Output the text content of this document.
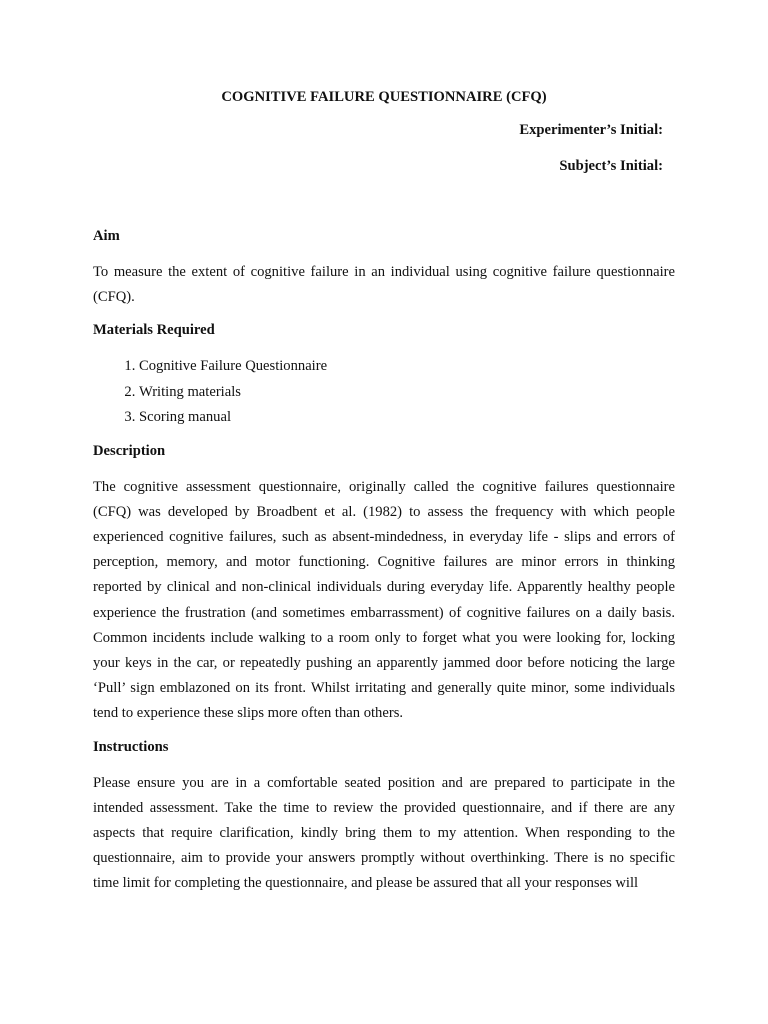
COGNITIVE FAILURE QUESTIONNAIRE (CFQ)

Experimenter’s Initial:

Subject’s Initial:

Aim

To measure the extent of cognitive failure in an individual using cognitive failure questionnaire (CFQ).

Materials Required
1. Cognitive Failure Questionnaire
2. Writing materials
3. Scoring manual
Description

The cognitive assessment questionnaire, originally called the cognitive failures questionnaire (CFQ) was developed by Broadbent et al. (1982) to assess the frequency with which people experienced cognitive failures, such as absent-mindedness, in everyday life - slips and errors of perception, memory, and motor functioning. Cognitive failures are minor errors in thinking reported by clinical and non-clinical individuals during everyday life. Apparently healthy people experience the frustration (and sometimes embarrassment) of cognitive failures on a daily basis. Common incidents include walking to a room only to forget what you were looking for, locking your keys in the car, or repeatedly pushing an apparently jammed door before noticing the large ‘Pull’ sign emblazoned on its front. Whilst irritating and generally quite minor, some individuals tend to experience these slips more often than others.

Instructions

Please ensure you are in a comfortable seated position and are prepared to participate in the intended assessment. Take the time to review the provided questionnaire, and if there are any aspects that require clarification, kindly bring them to my attention. When responding to the questionnaire, aim to provide your answers promptly without overthinking. There is no specific time limit for completing the questionnaire, and please be assured that all your responses will
